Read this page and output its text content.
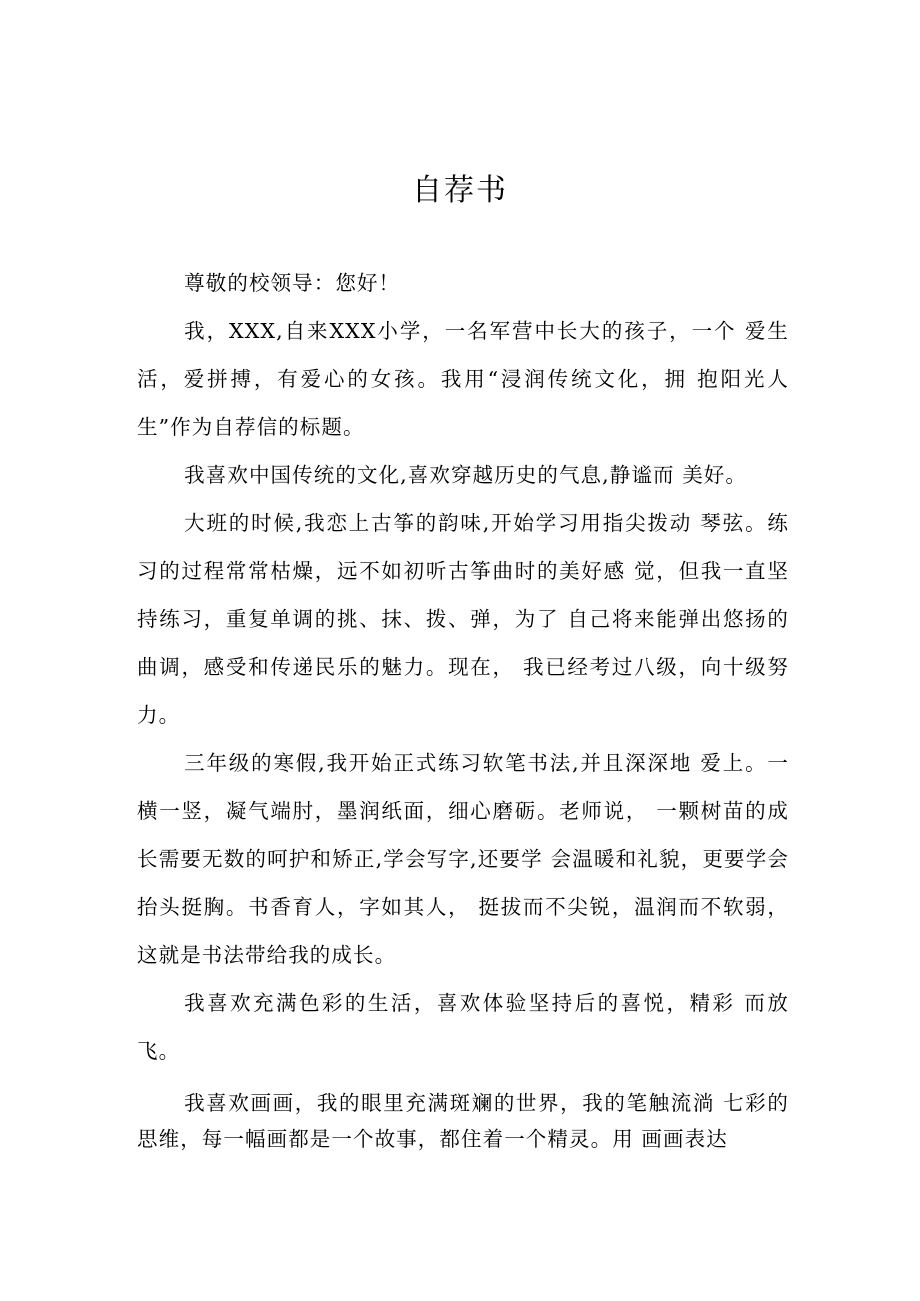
自荐书

尊敬的校领导：您好！

我，XXX,自来XXX小学，一名军营中长大的孩子，一个 爱生活，爱拼搏，有爱心的女孩。我用“浸润传统文化，拥 抱阳光人生”作为自荐信的标题。

我喜欢中国传统的文化,喜欢穿越历史的气息,静谧而 美好。

大班的时候,我恋上古筝的韵味,开始学习用指尖拨动 琴弦。练习的过程常常枯燥，远不如初听古筝曲时的美好感 觉，但我一直坚持练习，重复单调的挑、抹、拨、弹，为了 自己将来能弹出悠扬的曲调，感受和传递民乐的魅力。现在， 我已经考过八级，向十级努力。

三年级的寒假,我开始正式练习软笔书法,并且深深地 爱上。一横一竖，凝气端肘，墨润纸面，细心磨砺。老师说， 一颗树苗的成长需要无数的呵护和矫正,学会写字,还要学 会温暖和礼貌，更要学会抬头挺胸。书香育人，字如其人， 挺拔而不尖锐，温润而不软弱，这就是书法带给我的成长。

我喜欢充满色彩的生活，喜欢体验坚持后的喜悦，精彩 而放飞。

我喜欢画画，我的眼里充满斑斓的世界，我的笔触流淌 七彩的思维，每一幅画都是一个故事，都住着一个精灵。用 画画表达
